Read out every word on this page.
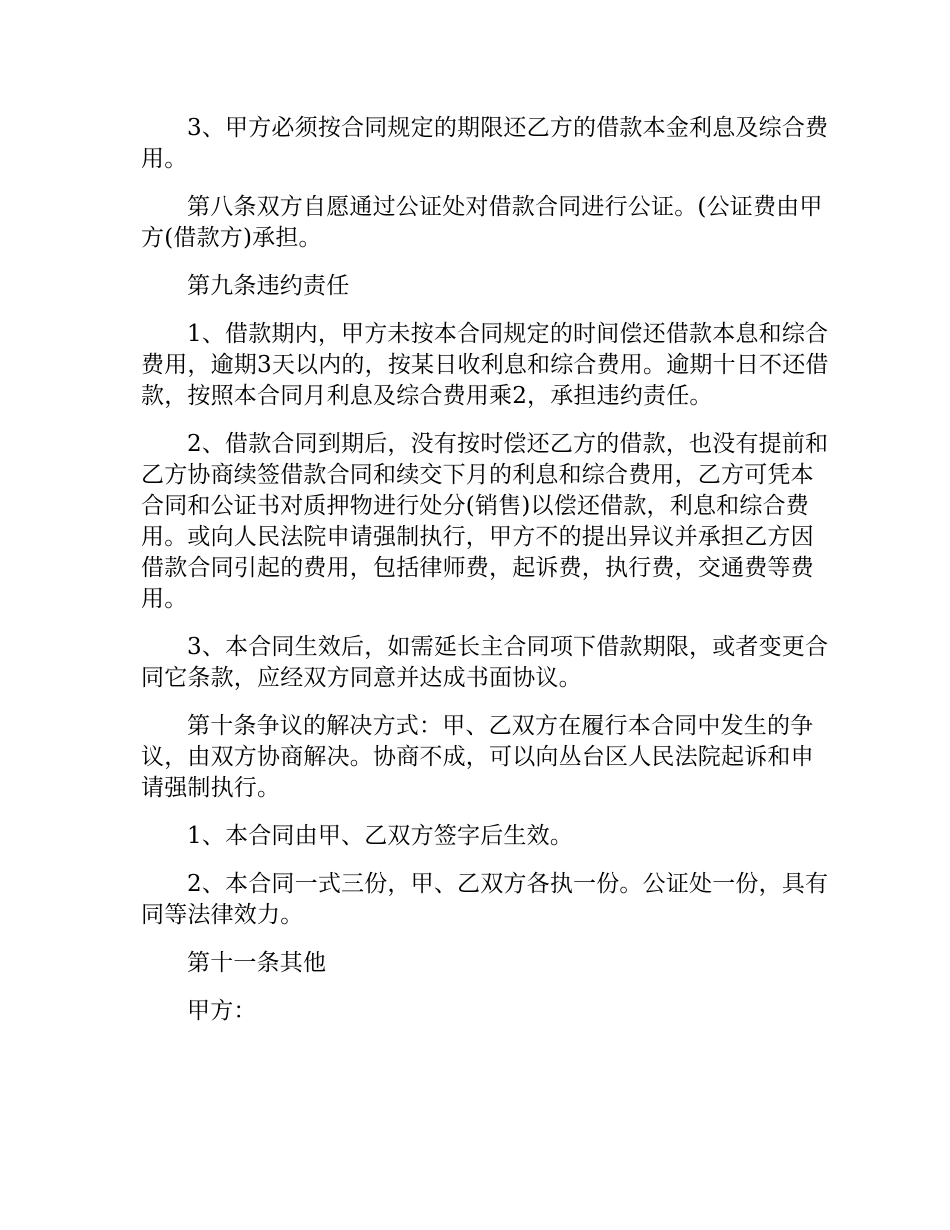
3、甲方必须按合同规定的期限还乙方的借款本金利息及综合费用。

第八条双方自愿通过公证处对借款合同进行公证。(公证费由甲方(借款方)承担。

第九条违约责任

1、借款期内，甲方未按本合同规定的时间偿还借款本息和综合费用，逾期3天以内的，按某日收利息和综合费用。逾期十日不还借款，按照本合同月利息及综合费用乘2，承担违约责任。

2、借款合同到期后，没有按时偿还乙方的借款，也没有提前和乙方协商续签借款合同和续交下月的利息和综合费用，乙方可凭本合同和公证书对质押物进行处分(销售)以偿还借款，利息和综合费用。或向人民法院申请强制执行，甲方不的提出异议并承担乙方因借款合同引起的费用，包括律师费，起诉费，执行费，交通费等费用。

3、本合同生效后，如需延长主合同项下借款期限，或者变更合同它条款，应经双方同意并达成书面协议。

第十条争议的解决方式：甲、乙双方在履行本合同中发生的争议，由双方协商解决。协商不成，可以向丛台区人民法院起诉和申请强制执行。

1、本合同由甲、乙双方签字后生效。

2、本合同一式三份，甲、乙双方各执一份。公证处一份，具有同等法律效力。

第十一条其他

甲方：
